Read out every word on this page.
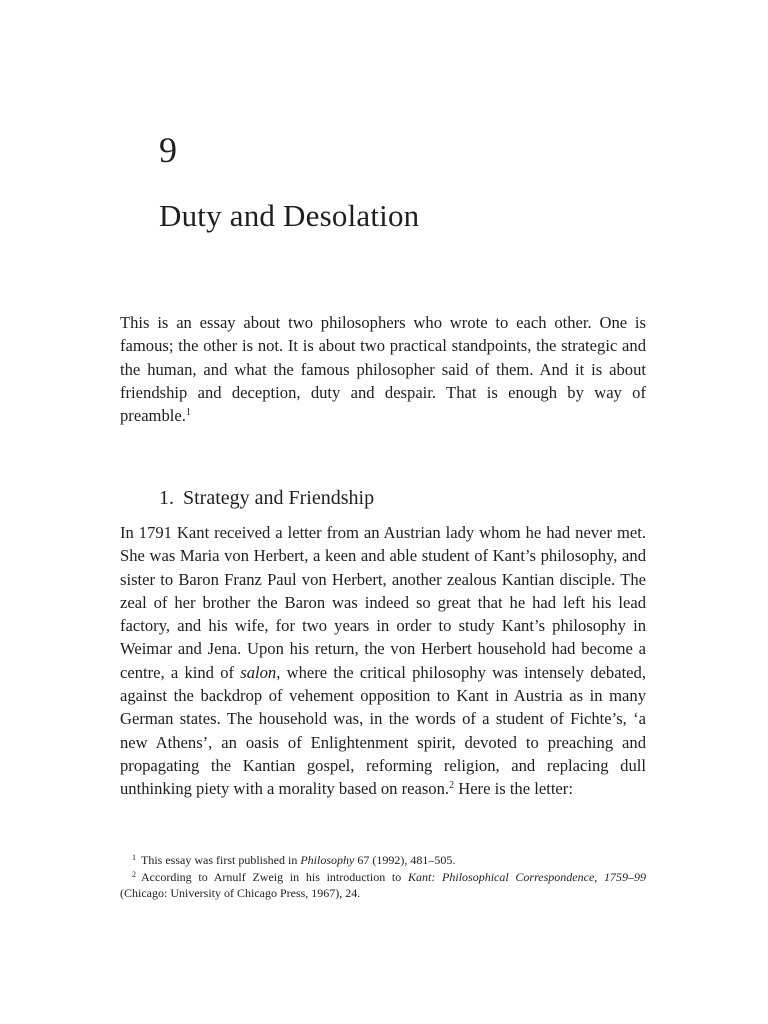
9
Duty and Desolation

This is an essay about two philosophers who wrote to each other. One is famous; the other is not. It is about two practical standpoints, the strategic and the human, and what the famous philosopher said of them. And it is about friendship and deception, duty and despair. That is enough by way of preamble.$^1$

1. Strategy and Friendship

In 1791 Kant received a letter from an Austrian lady whom he had never met. She was Maria von Herbert, a keen and able student of Kant’s philosophy, and sister to Baron Franz Paul von Herbert, another zealous Kantian disciple. The zeal of her brother the Baron was indeed so great that he had left his lead factory, and his wife, for two years in order to study Kant’s philosophy in Weimar and Jena. Upon his return, the von Herbert household had become a centre, a kind of salon, where the critical philosophy was intensely debated, against the backdrop of vehement opposition to Kant in Austria as in many German states. The household was, in the words of a student of Fichte’s, ‘a new Athens’, an oasis of Enlightenment spirit, devoted to preaching and propagating the Kantian gospel, reforming religion, and replacing dull unthinking piety with a morality based on reason.$^2$ Here is the letter:

$^1$ This essay was first published in Philosophy 67 (1992), 481–505.

$^2$ According to Arnulf Zweig in his introduction to Kant: Philosophical Correspondence, 1759–99 (Chicago: University of Chicago Press, 1967), 24.
